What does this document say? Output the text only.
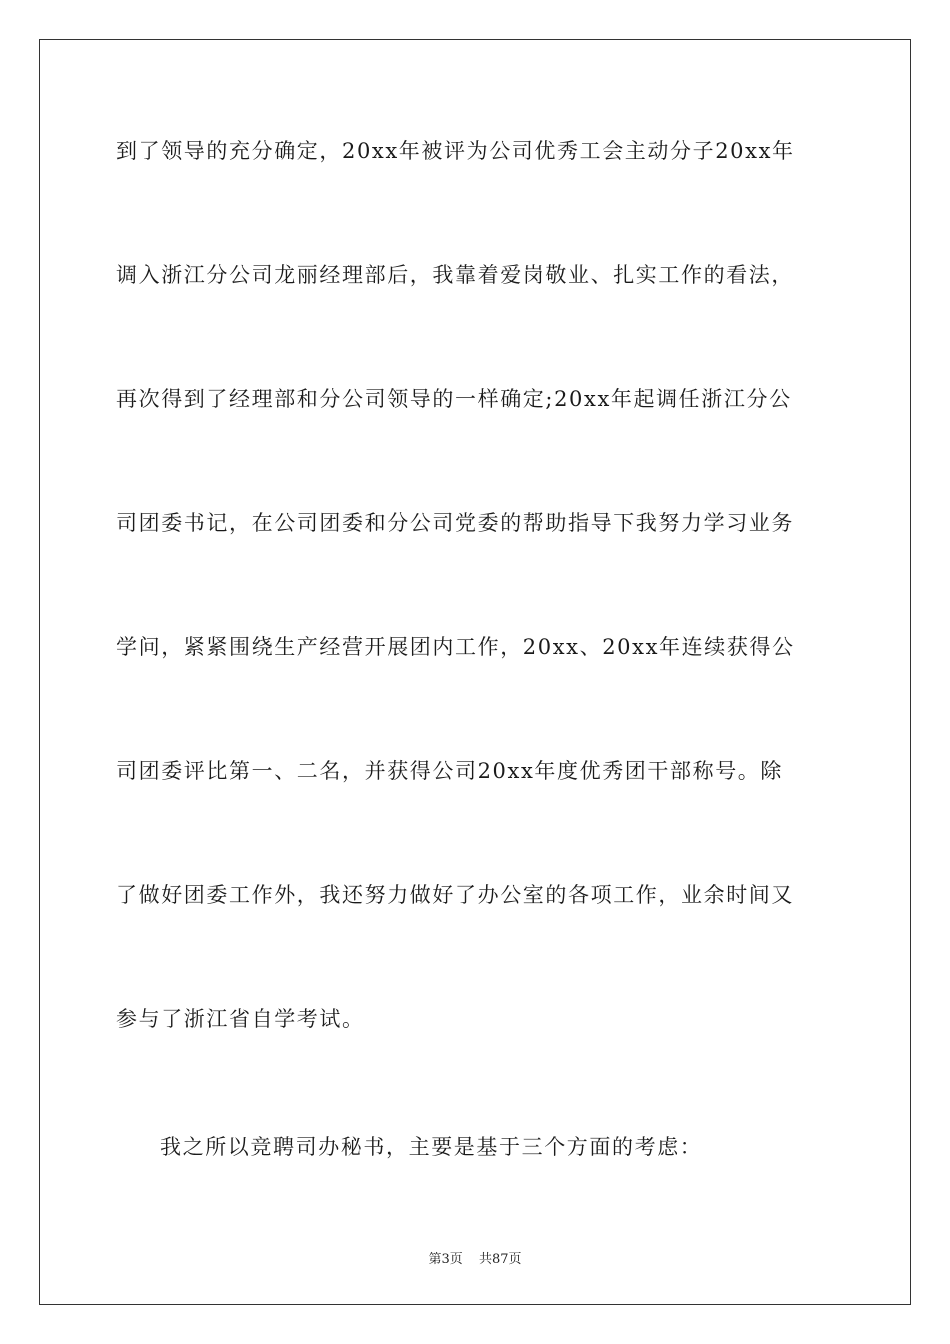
到了领导的充分确定，20xx年被评为公司优秀工会主动分子20xx年
调入浙江分公司龙丽经理部后，我靠着爱岗敬业、扎实工作的看法，
再次得到了经理部和分公司领导的一样确定;20xx年起调任浙江分公
司团委书记，在公司团委和分公司党委的帮助指导下我努力学习业务
学问，紧紧围绕生产经营开展团内工作，20xx、20xx年连续获得公
司团委评比第一、二名，并获得公司20xx年度优秀团干部称号。除
了做好团委工作外，我还努力做好了办公室的各项工作，业余时间又
参与了浙江省自学考试。
我之所以竞聘司办秘书，主要是基于三个方面的考虑：
第3页 共87页
